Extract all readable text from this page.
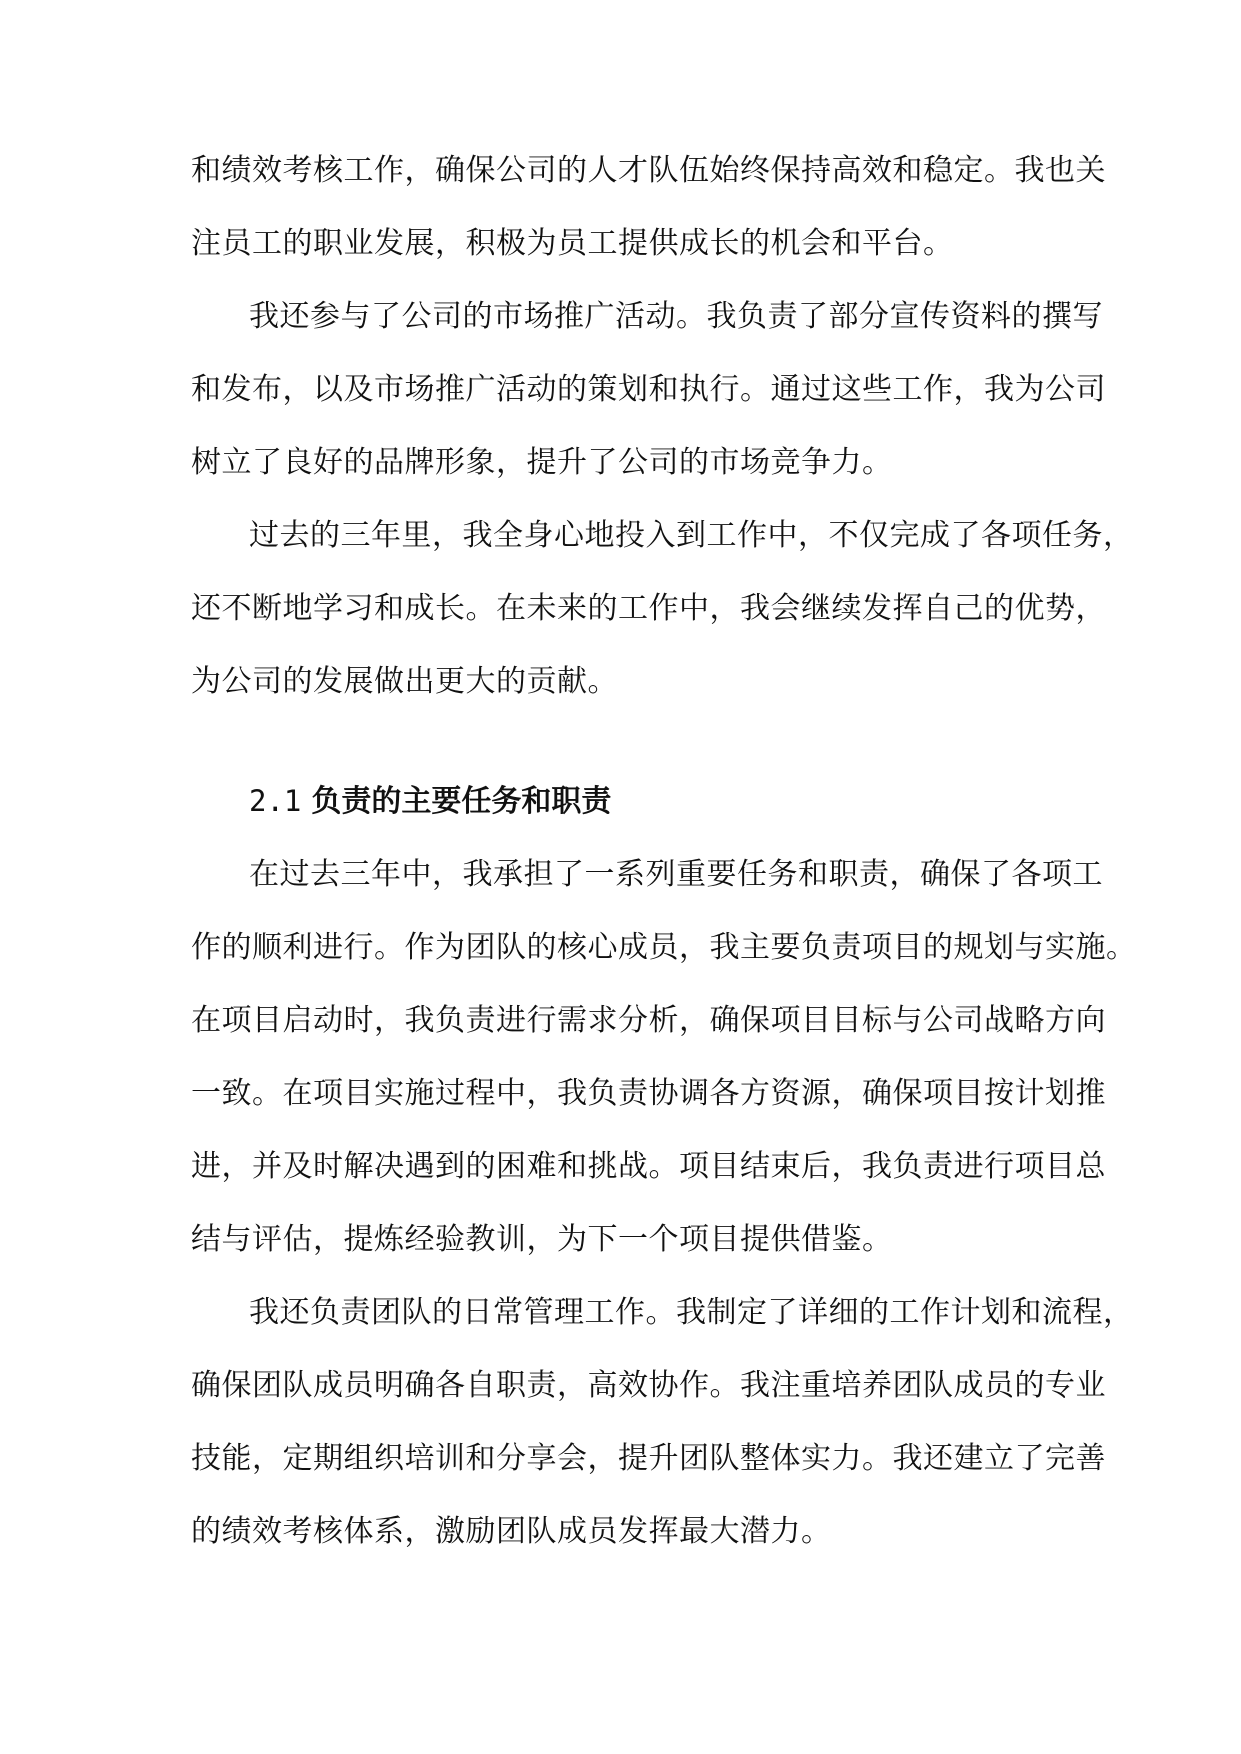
和绩效考核工作，确保公司的人才队伍始终保持高效和稳定。我也关
注员工的职业发展，积极为员工提供成长的机会和平台。
我还参与了公司的市场推广活动。我负责了部分宣传资料的撰写
和发布，以及市场推广活动的策划和执行。通过这些工作，我为公司
树立了良好的品牌形象，提升了公司的市场竞争力。
过去的三年里，我全身心地投入到工作中，不仅完成了各项任务，
还不断地学习和成长。在未来的工作中，我会继续发挥自己的优势，
为公司的发展做出更大的贡献。
2.1 负责的主要任务和职责
在过去三年中，我承担了一系列重要任务和职责，确保了各项工
作的顺利进行。作为团队的核心成员，我主要负责项目的规划与实施。
在项目启动时，我负责进行需求分析，确保项目目标与公司战略方向
一致。在项目实施过程中，我负责协调各方资源，确保项目按计划推
进，并及时解决遇到的困难和挑战。项目结束后，我负责进行项目总
结与评估，提炼经验教训，为下一个项目提供借鉴。
我还负责团队的日常管理工作。我制定了详细的工作计划和流程，
确保团队成员明确各自职责，高效协作。我注重培养团队成员的专业
技能，定期组织培训和分享会，提升团队整体实力。我还建立了完善
的绩效考核体系，激励团队成员发挥最大潜力。
